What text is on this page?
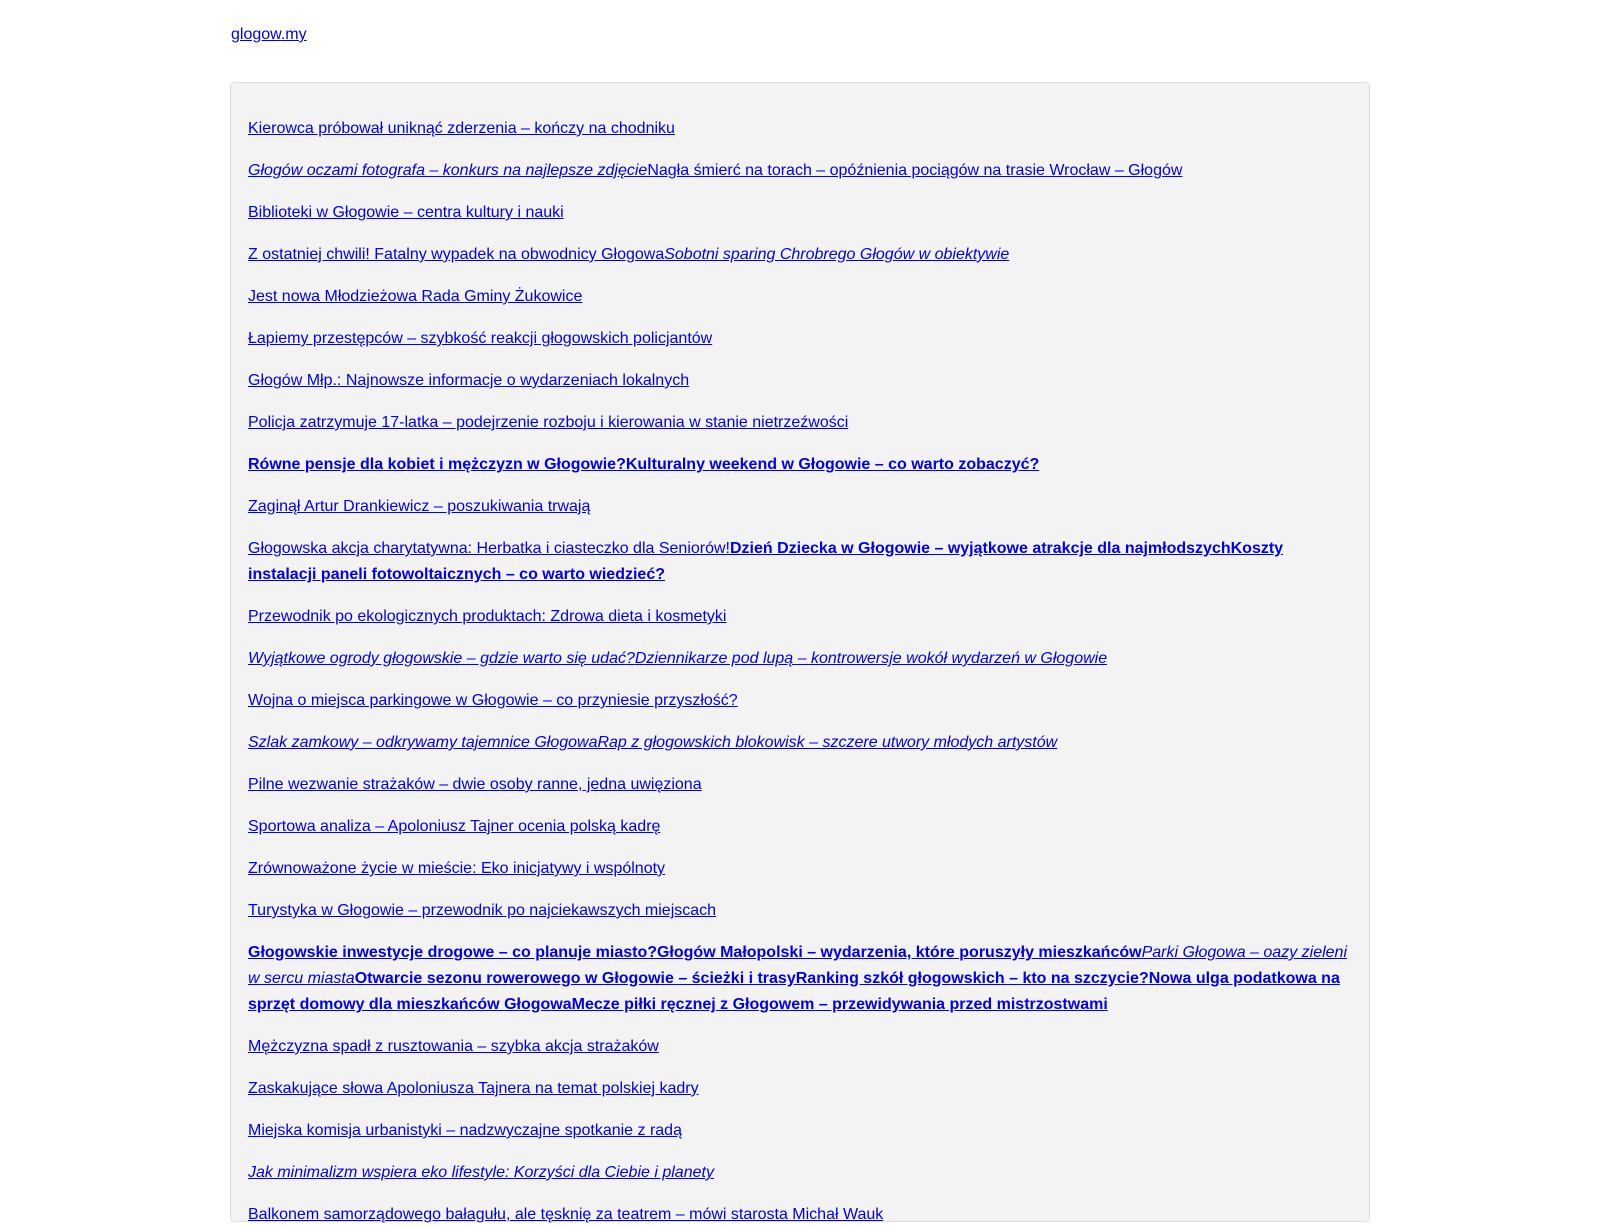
glogow.my
Kierowca próbował uniknąć zderzenia – kończy na chodniku
Głogów oczami fotografa – konkurs na najlepsze zdjęcieNagła śmierć na torach – opóźnienia pociągów na trasie Wrocław – Głogów
Biblioteki w Głogowie – centra kultury i nauki
Z ostatniej chwili! Fatalny wypadek na obwodnicy GłogowaSobotni sparing Chrobrego Głogów w obiektywie
Jest nowa Młodzieżowa Rada Gminy Żukowice
Łapiemy przestępców – szybkość reakcji głogowskich policjantów
Głogów Młp.: Najnowsze informacje o wydarzeniach lokalnych
Policja zatrzymuje 17-latka – podejrzenie rozboju i kierowania w stanie nietrzeźwości
Równe pensje dla kobiet i mężczyzn w Głogowie?Kulturalny weekend w Głogowie – co warto zobaczyć?
Zaginął Artur Drankiewicz – poszukiwania trwają
Głogowska akcja charytatywna: Herbatka i ciasteczko dla Seniorów!Dzień Dziecka w Głogowie – wyjątkowe atrakcje dla najmłodszychKoszty instalacji paneli fotowoltaicznych – co warto wiedzieć?
Przewodnik po ekologicznych produktach: Zdrowa dieta i kosmetyki
Wyjątkowe ogrody głogowskie – gdzie warto się udać?Dziennikarze pod lupą – kontrowersje wokół wydarzeń w Głogowie
Wojna o miejsca parkingowe w Głogowie – co przyniesie przyszłość?
Szlak zamkowy – odkrywamy tajemnice GłogowaRap z głogowskich blokowisk – szczere utwory młodych artystów
Pilne wezwanie strażaków – dwie osoby ranne, jedna uwięziona
Sportowa analiza – Apoloniusz Tajner ocenia polską kadrę
Zrównoważone życie w mieście: Eko inicjatywy i wspólnoty
Turystyka w Głogowie – przewodnik po najciekawszych miejscach
Głogowskie inwestycje drogowe – co planuje miasto?Głogów Małopolski – wydarzenia, które poruszyły mieszkańcówParki Głogowa – oazy zieleni w sercu miastaOtwarcie sezonu rowerowego w Głogowie – ścieżki i trasyRanking szkół głogowskich – kto na szczycie?Nowa ulga podatkowa na sprzęt domowy dla mieszkańców GłogowaMecze piłki ręcznej z Głogowem – przewidywania przed mistrzostwami
Mężczyzna spadł z rusztowania – szybka akcja strażaków
Zaskakujące słowa Apoloniusza Tajnera na temat polskiej kadry
Miejska komisja urbanistyki – nadzwyczajne spotkanie z radą
Jak minimalizm wspiera eko lifestyle: Korzyści dla Ciebie i planety
Balkonem samorządowego bałagułu, ale tęsknię za teatrem – mówi starosta Michał Wauk
